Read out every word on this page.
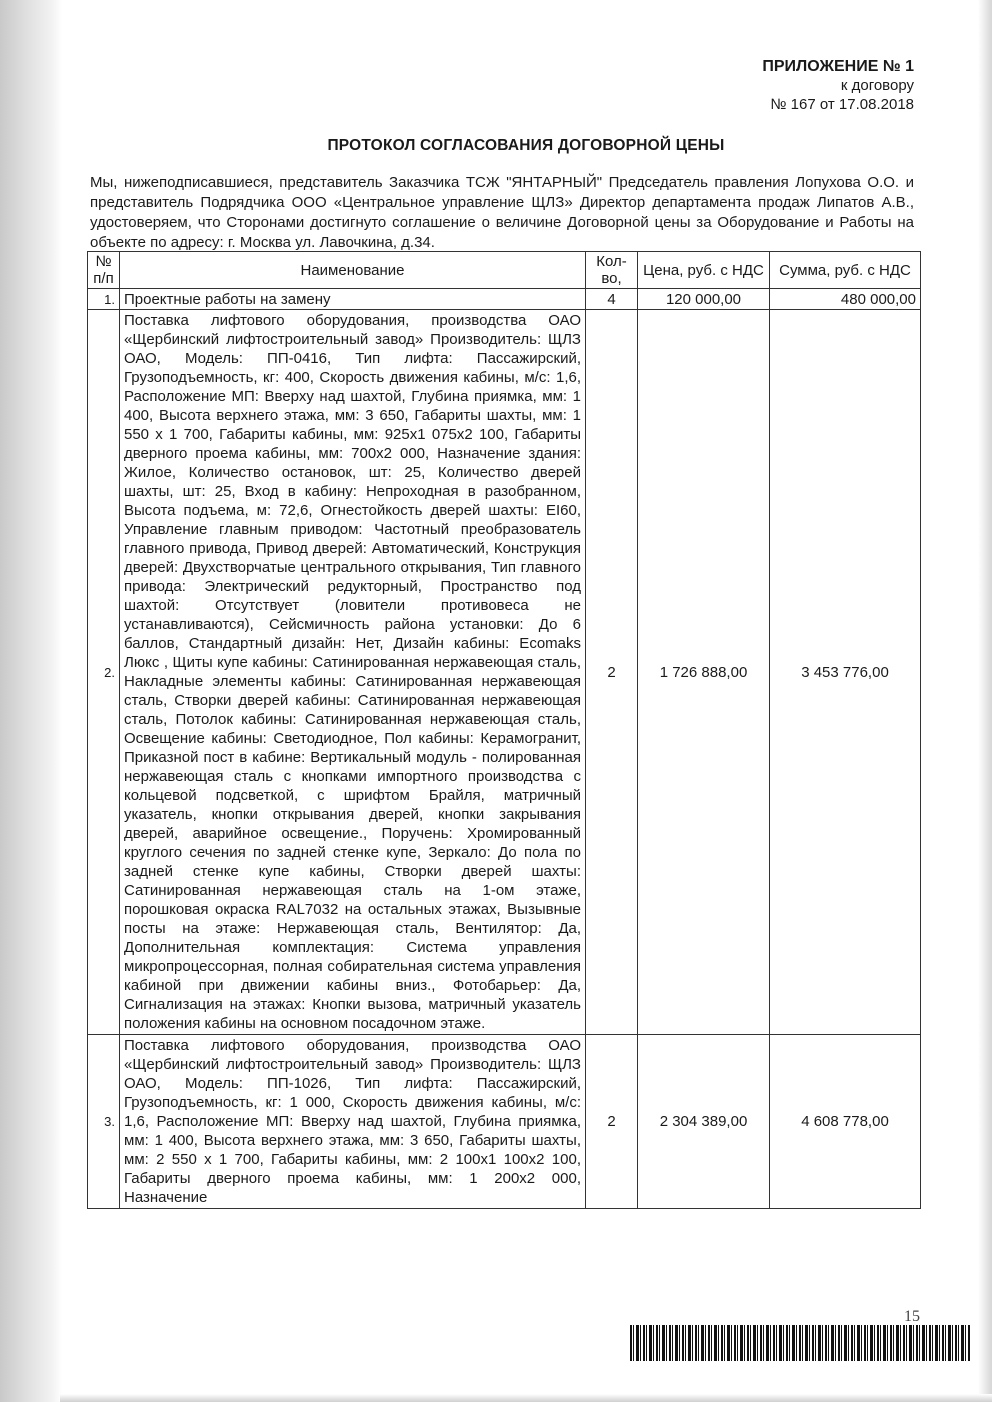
ПРИЛОЖЕНИЕ № 1
к договору
№ 167 от 17.08.2018
ПРОТОКОЛ СОГЛАСОВАНИЯ ДОГОВОРНОЙ ЦЕНЫ
Мы, нижеподписавшиеся, представитель Заказчика ТСЖ "ЯНТАРНЫЙ" Председатель правления Лопухова О.О. и представитель Подрядчика ООО «Центральное управление ЩЛЗ» Директор департамента продаж Липатов А.В., удостоверяем, что Сторонами достигнуто соглашение о величине Договорной цены за Оборудование и Работы на объекте по адресу: г. Москва ул. Лавочкина, д.34.
№ п/п	Наименование	Кол-во,	Цена, руб. с НДС	Сумма, руб. с НДС
1.	Проектные работы на замену	4	120 000,00	480 000,00
2.	Поставка лифтового оборудования, производства ОАО «Щербинский лифтостроительный завод» Производитель: ЩЛЗ ОАО, Модель: ПП-0416, Тип лифта: Пассажирский, Грузоподъемность, кг: 400, Скорость движения кабины, м/с: 1,6, Расположение МП: Вверху над шахтой, Глубина приямка, мм: 1 400, Высота верхнего этажа, мм: 3 650, Габариты шахты, мм: 1 550 x 1 700, Габариты кабины, мм: 925x1 075x2 100, Габариты дверного проема кабины, мм: 700x2 000, Назначение здания: Жилое, Количество остановок, шт: 25, Количество дверей шахты, шт: 25, Вход в кабину: Непроходная в разобранном, Высота подъема, м: 72,6, Огнестойкость дверей шахты: EI60, Управление главным приводом: Частотный преобразователь главного привода, Привод дверей: Автоматический, Конструкция дверей: Двухстворчатые центрального открывания, Тип главного привода: Электрический редукторный, Пространство под шахтой: Отсутствует (ловители противовеса не устанавливаются), Сейсмичность района установки: До 6 баллов, Стандартный дизайн: Нет, Дизайн кабины: Ecomaks Люкс , Щиты купе кабины: Сатинированная нержавеющая сталь, Накладные элементы кабины: Сатинированная нержавеющая сталь, Створки дверей кабины: Сатинированная нержавеющая сталь, Потолок кабины: Сатинированная нержавеющая сталь, Освещение кабины: Светодиодное, Пол кабины: Керамогранит, Приказной пост в кабине: Вертикальный модуль - полированная нержавеющая сталь с кнопками импортного производства с кольцевой подсветкой, с шрифтом Брайля, матричный указатель, кнопки открывания дверей, кнопки закрывания дверей, аварийное освещение., Поручень: Хромированный круглого сечения по задней стенке купе, Зеркало: До пола по задней стенке купе кабины, Створки дверей шахты: Сатинированная нержавеющая сталь на 1-ом этаже, порошковая окраска RAL7032 на остальных этажах, Вызывные посты на этаже: Нержавеющая сталь, Вентилятор: Да, Дополнительная комплектация: Система управления микропроцессорная, полная собирательная система управления кабиной при движении кабины вниз., Фотобарьер: Да, Сигнализация на этажах: Кнопки вызова, матричный указатель положения кабины на основном посадочном этаже.	2	1 726 888,00	3 453 776,00
3.	Поставка лифтового оборудования, производства ОАО «Щербинский лифтостроительный завод» Производитель: ЩЛЗ ОАО, Модель: ПП-1026, Тип лифта: Пассажирский, Грузоподъемность, кг: 1 000, Скорость движения кабины, м/с: 1,6, Расположение МП: Вверху над шахтой, Глубина приямка, мм: 1 400, Высота верхнего этажа, мм: 3 650, Габариты шахты, мм: 2 550 x 1 700, Габариты кабины, мм: 2 100x1 100x2 100, Габариты дверного проема кабины, мм: 1 200x2 000, Назначение	2	2 304 389,00	4 608 778,00
15
